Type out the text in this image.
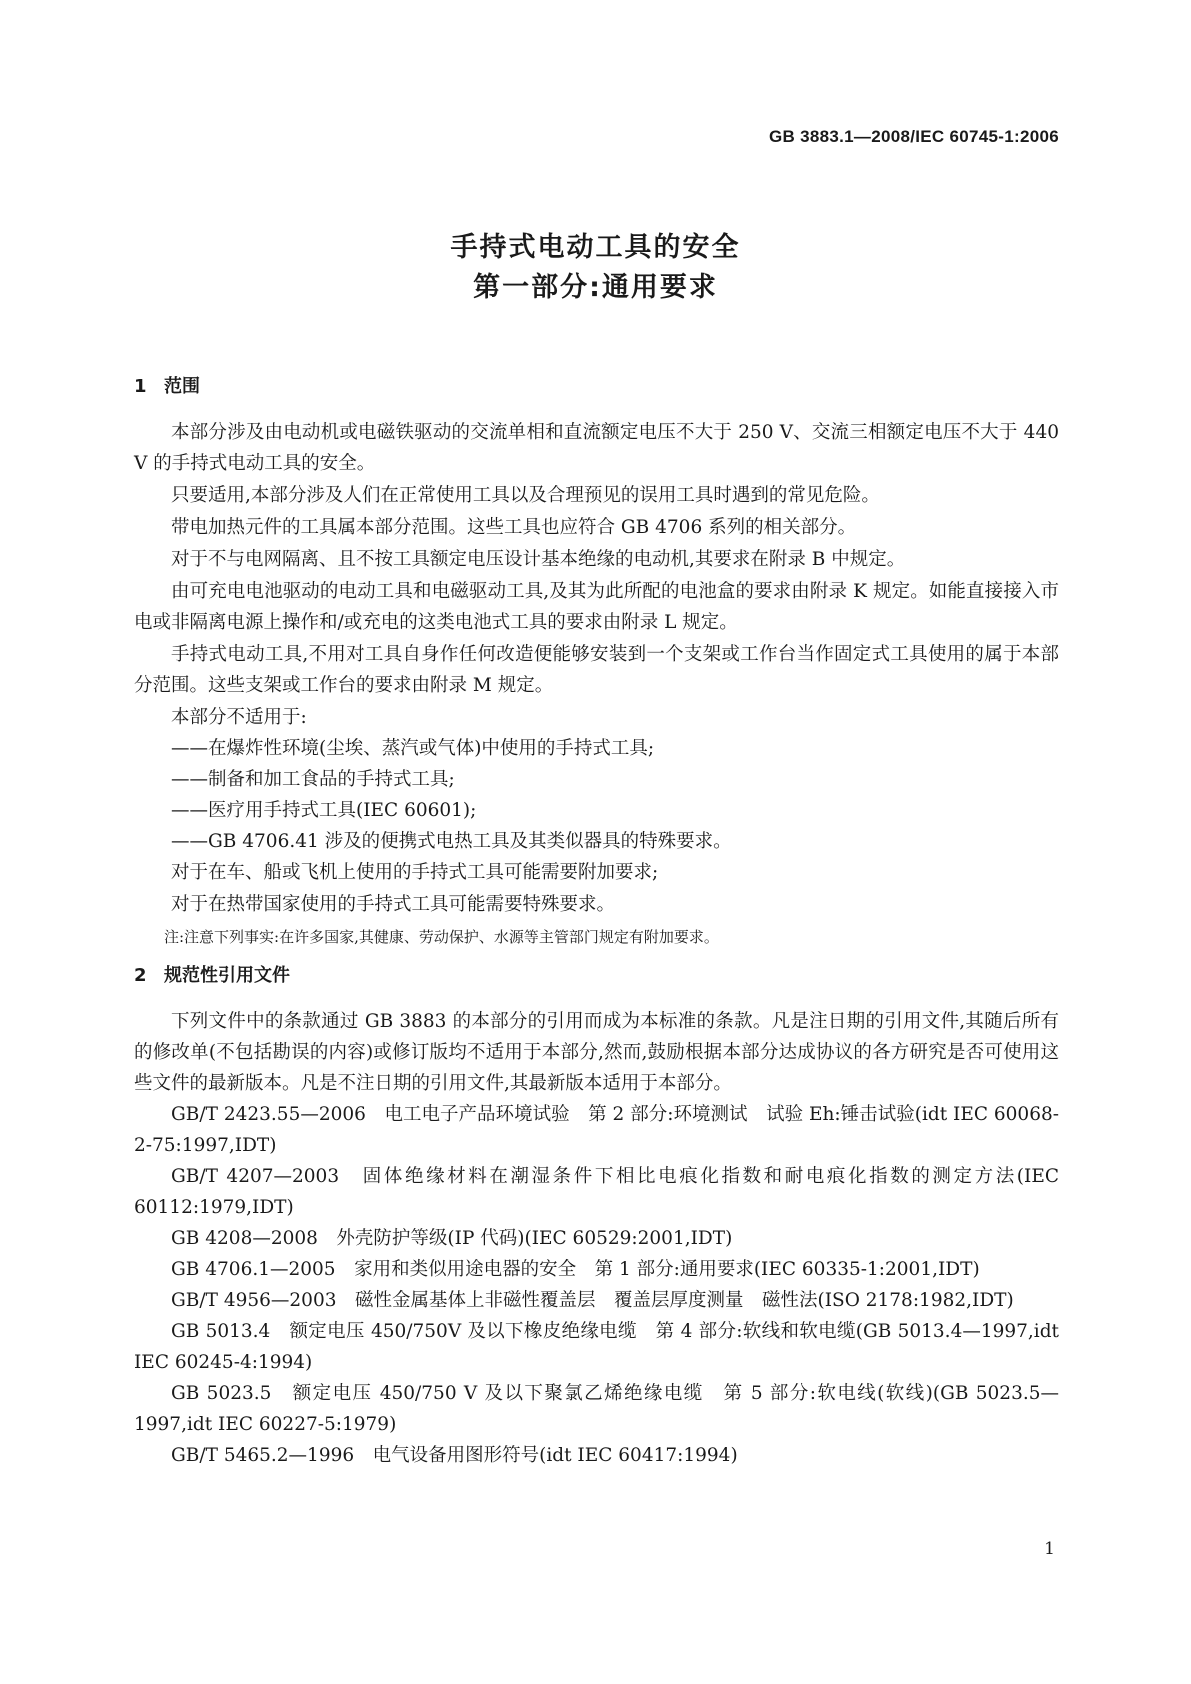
GB 3883.1—2008/IEC 60745-1:2006
手持式电动工具的安全
第一部分:通用要求
1 范围

本部分涉及由电动机或电磁铁驱动的交流单相和直流额定电压不大于 250 V、交流三相额定电压不大于 440 V 的手持式电动工具的安全。

只要适用,本部分涉及人们在正常使用工具以及合理预见的误用工具时遇到的常见危险。

带电加热元件的工具属本部分范围。这些工具也应符合 GB 4706 系列的相关部分。

对于不与电网隔离、且不按工具额定电压设计基本绝缘的电动机,其要求在附录 B 中规定。

由可充电电池驱动的电动工具和电磁驱动工具,及其为此所配的电池盒的要求由附录 K 规定。如能直接接入市电或非隔离电源上操作和/或充电的这类电池式工具的要求由附录 L 规定。

手持式电动工具,不用对工具自身作任何改造便能够安装到一个支架或工作台当作固定式工具使用的属于本部分范围。这些支架或工作台的要求由附录 M 规定。

本部分不适用于:

——在爆炸性环境(尘埃、蒸汽或气体)中使用的手持式工具;

——制备和加工食品的手持式工具;

——医疗用手持式工具(IEC 60601);

——GB 4706.41 涉及的便携式电热工具及其类似器具的特殊要求。

对于在车、船或飞机上使用的手持式工具可能需要附加要求;

对于在热带国家使用的手持式工具可能需要特殊要求。

注:注意下列事实:在许多国家,其健康、劳动保护、水源等主管部门规定有附加要求。

2 规范性引用文件

下列文件中的条款通过 GB 3883 的本部分的引用而成为本标准的条款。凡是注日期的引用文件,其随后所有的修改单(不包括勘误的内容)或修订版均不适用于本部分,然而,鼓励根据本部分达成协议的各方研究是否可使用这些文件的最新版本。凡是不注日期的引用文件,其最新版本适用于本部分。

GB/T 2423.55—2006　电工电子产品环境试验　第 2 部分:环境测试　试验 Eh:锤击试验(idt IEC 60068-2-75:1997,IDT)

GB/T 4207—2003　固体绝缘材料在潮湿条件下相比电痕化指数和耐电痕化指数的测定方法(IEC 60112:1979,IDT)

GB 4208—2008　外壳防护等级(IP 代码)(IEC 60529:2001,IDT)

GB 4706.1—2005　家用和类似用途电器的安全　第 1 部分:通用要求(IEC 60335-1:2001,IDT)

GB/T 4956—2003　磁性金属基体上非磁性覆盖层　覆盖层厚度测量　磁性法(ISO 2178:1982,IDT)

GB 5013.4　额定电压 450/750V 及以下橡皮绝缘电缆　第 4 部分:软线和软电缆(GB 5013.4—1997,idt IEC 60245-4:1994)

GB 5023.5　额定电压 450/750 V 及以下聚氯乙烯绝缘电缆　第 5 部分:软电线(软线)(GB 5023.5—1997,idt IEC 60227-5:1979)

GB/T 5465.2—1996　电气设备用图形符号(idt IEC 60417:1994)

1
